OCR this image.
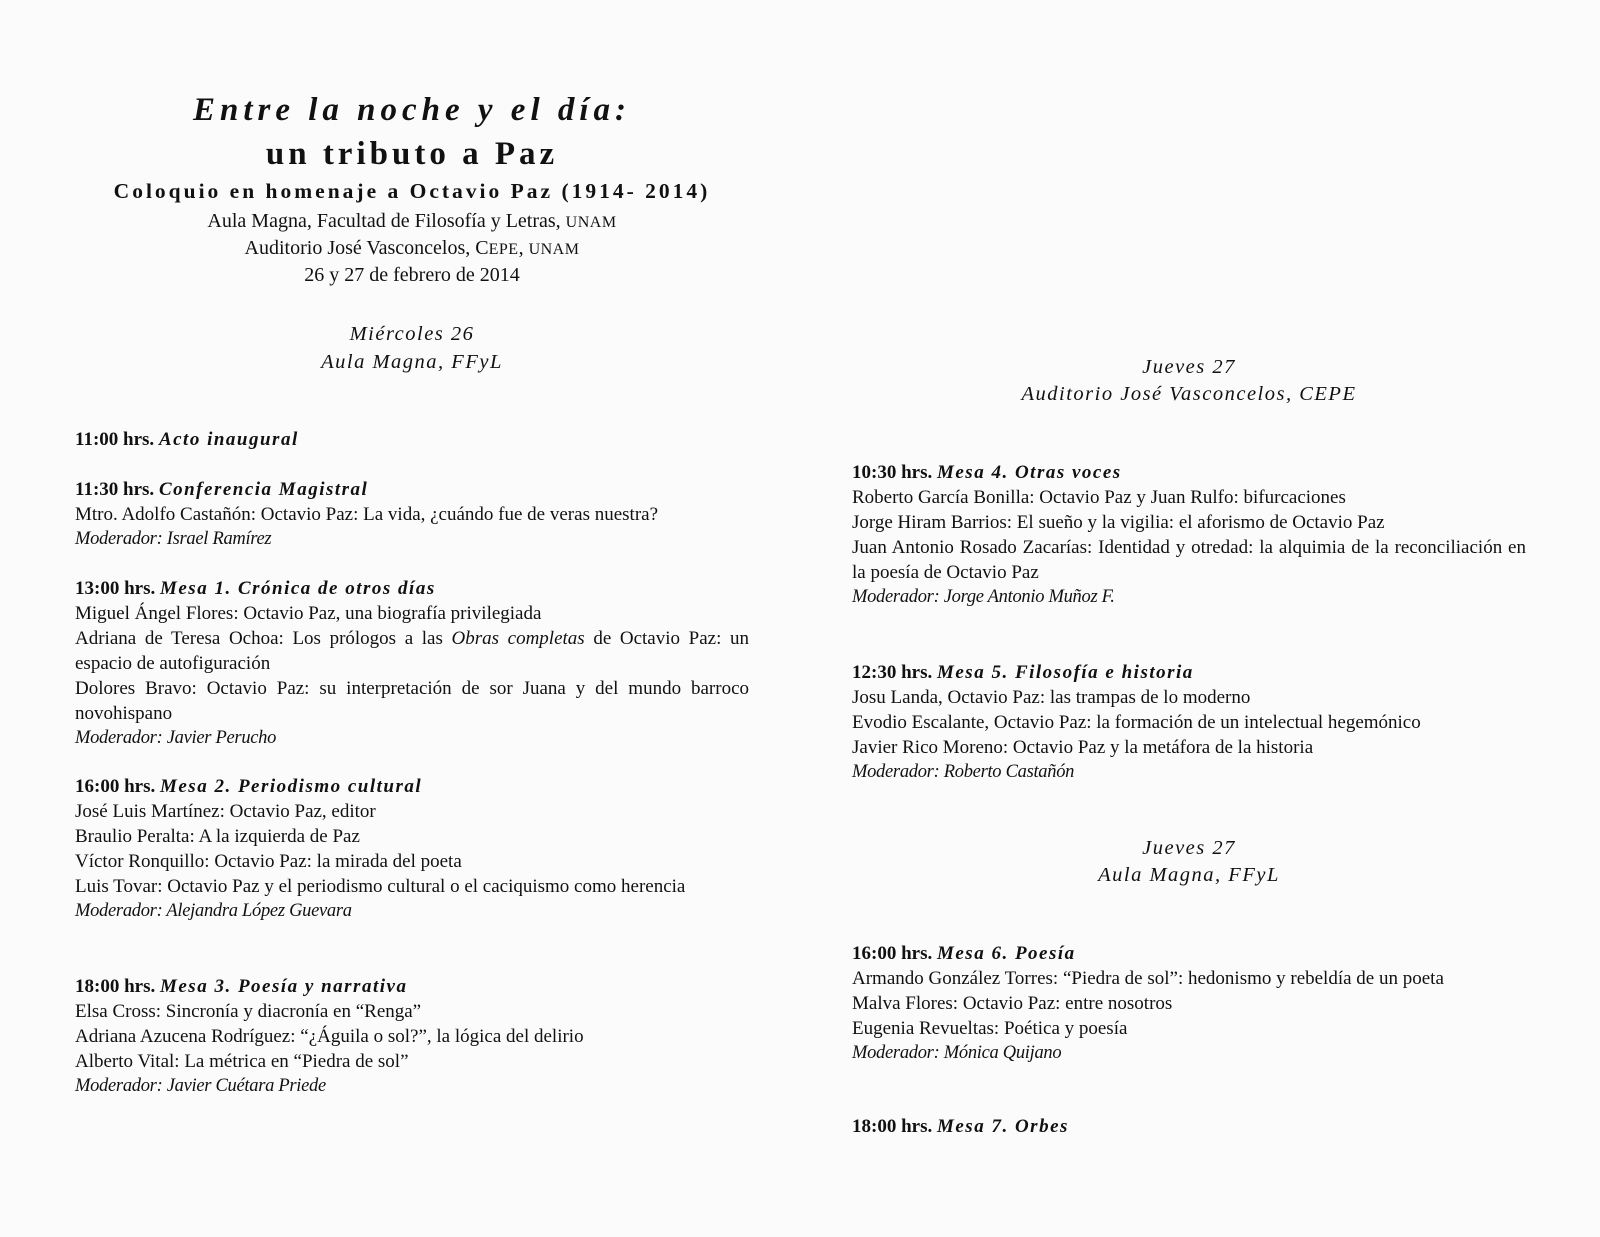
Entre la noche y el día:
un tributo a Paz
Coloquio en homenaje a Octavio Paz (1914- 2014)
Aula Magna, Facultad de Filosofía y Letras, UNAM
Auditorio José Vasconcelos, CEPE, UNAM
26 y 27 de febrero de 2014
Miércoles 26
Aula Magna, FFyL
11:00 hrs. Acto inaugural
11:30 hrs. Conferencia Magistral
Mtro. Adolfo Castañón: Octavio Paz: La vida, ¿cuándo fue de veras nuestra?
Moderador: Israel Ramírez
13:00 hrs. Mesa 1. Crónica de otros días
Miguel Ángel Flores: Octavio Paz, una biografía privilegiada
Adriana de Teresa Ochoa: Los prólogos a las Obras completas de Octavio Paz: un espacio de autofiguración
Dolores Bravo: Octavio Paz: su interpretación de sor Juana y del mundo barroco novohispano
Moderador: Javier Perucho
16:00 hrs. Mesa 2. Periodismo cultural
José Luis Martínez: Octavio Paz, editor
Braulio Peralta: A la izquierda de Paz
Víctor Ronquillo: Octavio Paz: la mirada del poeta
Luis Tovar: Octavio Paz y el periodismo cultural o el caciquismo como herencia
Moderador: Alejandra López Guevara
18:00 hrs. Mesa 3. Poesía y narrativa
Elsa Cross: Sincronía y diacronía en “Renga”
Adriana Azucena Rodríguez: “¿Águila o sol?”, la lógica del delirio
Alberto Vital: La métrica en “Piedra de sol”
Moderador: Javier Cuétara Priede
Jueves 27
Auditorio José Vasconcelos, CEPE
10:30 hrs. Mesa 4. Otras voces
Roberto García Bonilla: Octavio Paz y Juan Rulfo: bifurcaciones
Jorge Hiram Barrios: El sueño y la vigilia: el aforismo de Octavio Paz
Juan Antonio Rosado Zacarías: Identidad y otredad: la alquimia de la reconciliación en la poesía de Octavio Paz
Moderador: Jorge Antonio Muñoz F.
12:30 hrs. Mesa 5. Filosofía e historia
Josu Landa, Octavio Paz: las trampas de lo moderno
Evodio Escalante, Octavio Paz: la formación de un intelectual hegemónico
Javier Rico Moreno: Octavio Paz y la metáfora de la historia
Moderador: Roberto Castañón
Jueves 27
Aula Magna, FFyL
16:00 hrs. Mesa 6. Poesía
Armando González Torres: “Piedra de sol”: hedonismo y rebeldía de un poeta
Malva Flores: Octavio Paz: entre nosotros
Eugenia Revueltas: Poética y poesía
Moderador: Mónica Quijano
18:00 hrs. Mesa 7. Orbes
